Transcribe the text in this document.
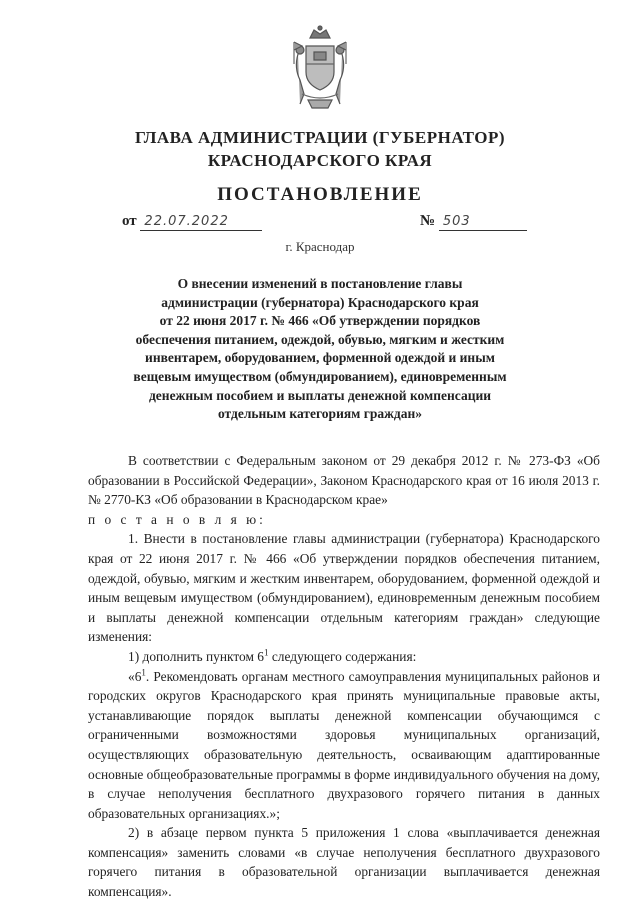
ГЛАВА АДМИНИСТРАЦИИ (ГУБЕРНАТОР)
КРАСНОДАРСКОГО КРАЯ
ПОСТАНОВЛЕНИЕ
от 22.07.2022	№ 503
г. Краснодар
О внесении изменений в постановление главы
администрации (губернатора) Краснодарского края
от 22 июня 2017 г. № 466 «Об утверждении порядков
обеспечения питанием, одеждой, обувью, мягким и жестким
инвентарем, оборудованием, форменной одеждой и иным
вещевым имуществом (обмундированием), единовременным
денежным пособием и выплаты денежной компенсации
отдельным категориям граждан»

В соответствии с Федеральным законом от 29 декабря 2012 г. № 273-ФЗ «Об образовании в Российской Федерации», Законом Краснодарского края от 16 июля 2013 г. № 2770-КЗ «Об образовании в Краснодарском крае»

п о с т а н о в л я ю:

1. Внести в постановление главы администрации (губернатора) Краснодарского края от 22 июня 2017 г. № 466 «Об утверждении порядков обеспечения питанием, одеждой, обувью, мягким и жестким инвентарем, оборудованием, форменной одеждой и иным вещевым имуществом (обмундированием), единовременным денежным пособием и выплаты денежной компенсации отдельным категориям граждан» следующие изменения:

1) дополнить пунктом $6^1$ следующего содержания:

«$6^1$. Рекомендовать органам местного самоуправления муниципальных районов и городских округов Краснодарского края принять муниципальные правовые акты, устанавливающие порядок выплаты денежной компенсации обучающимся с ограниченными возможностями здоровья муниципальных организаций, осуществляющих образовательную деятельность, осваивающим адаптированные основные общеобразовательные программы в форме индивидуального обучения на дому, в случае неполучения бесплатного двухразового горячего питания в данных образовательных организациях.»;

2) в абзаце первом пункта 5 приложения 1 слова «выплачивается денежная компенсация» заменить словами «в случае неполучения бесплатного двухразового горячего питания в образовательной организации выплачивается денежная компенсация».
